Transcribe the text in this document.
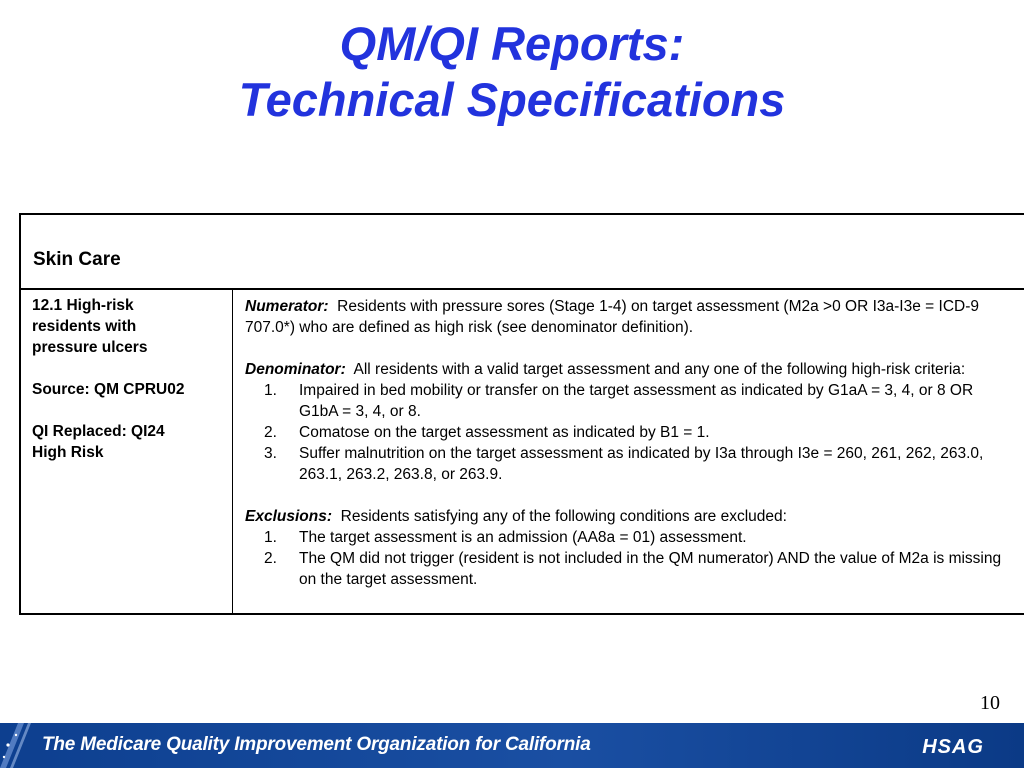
QM/QI Reports:
Technical Specifications
Skin Care
12.1 High-risk
residents with
pressure ulcers
Source: QM CPRU02
QI Replaced: QI24
High Risk
Numerator: Residents with pressure sores (Stage 1-4) on target assessment (M2a >0 OR I3a-I3e = ICD-9 707.0*) who are defined as high risk (see denominator definition).
Denominator: All residents with a valid target assessment and any one of the following high-risk criteria:
1. Impaired in bed mobility or transfer on the target assessment as indicated by G1aA = 3, 4, or 8 OR G1bA = 3, 4, or 8.
2. Comatose on the target assessment as indicated by B1 = 1.
3. Suffer malnutrition on the target assessment as indicated by I3a through I3e = 260, 261, 262, 263.0, 263.1, 263.2, 263.8, or 263.9.
Exclusions: Residents satisfying any of the following conditions are excluded:
1. The target assessment is an admission (AA8a = 01) assessment.
2. The QM did not trigger (resident is not included in the QM numerator) AND the value of M2a is missing on the target assessment.
10
The Medicare Quality Improvement Organization for California	HSAG
